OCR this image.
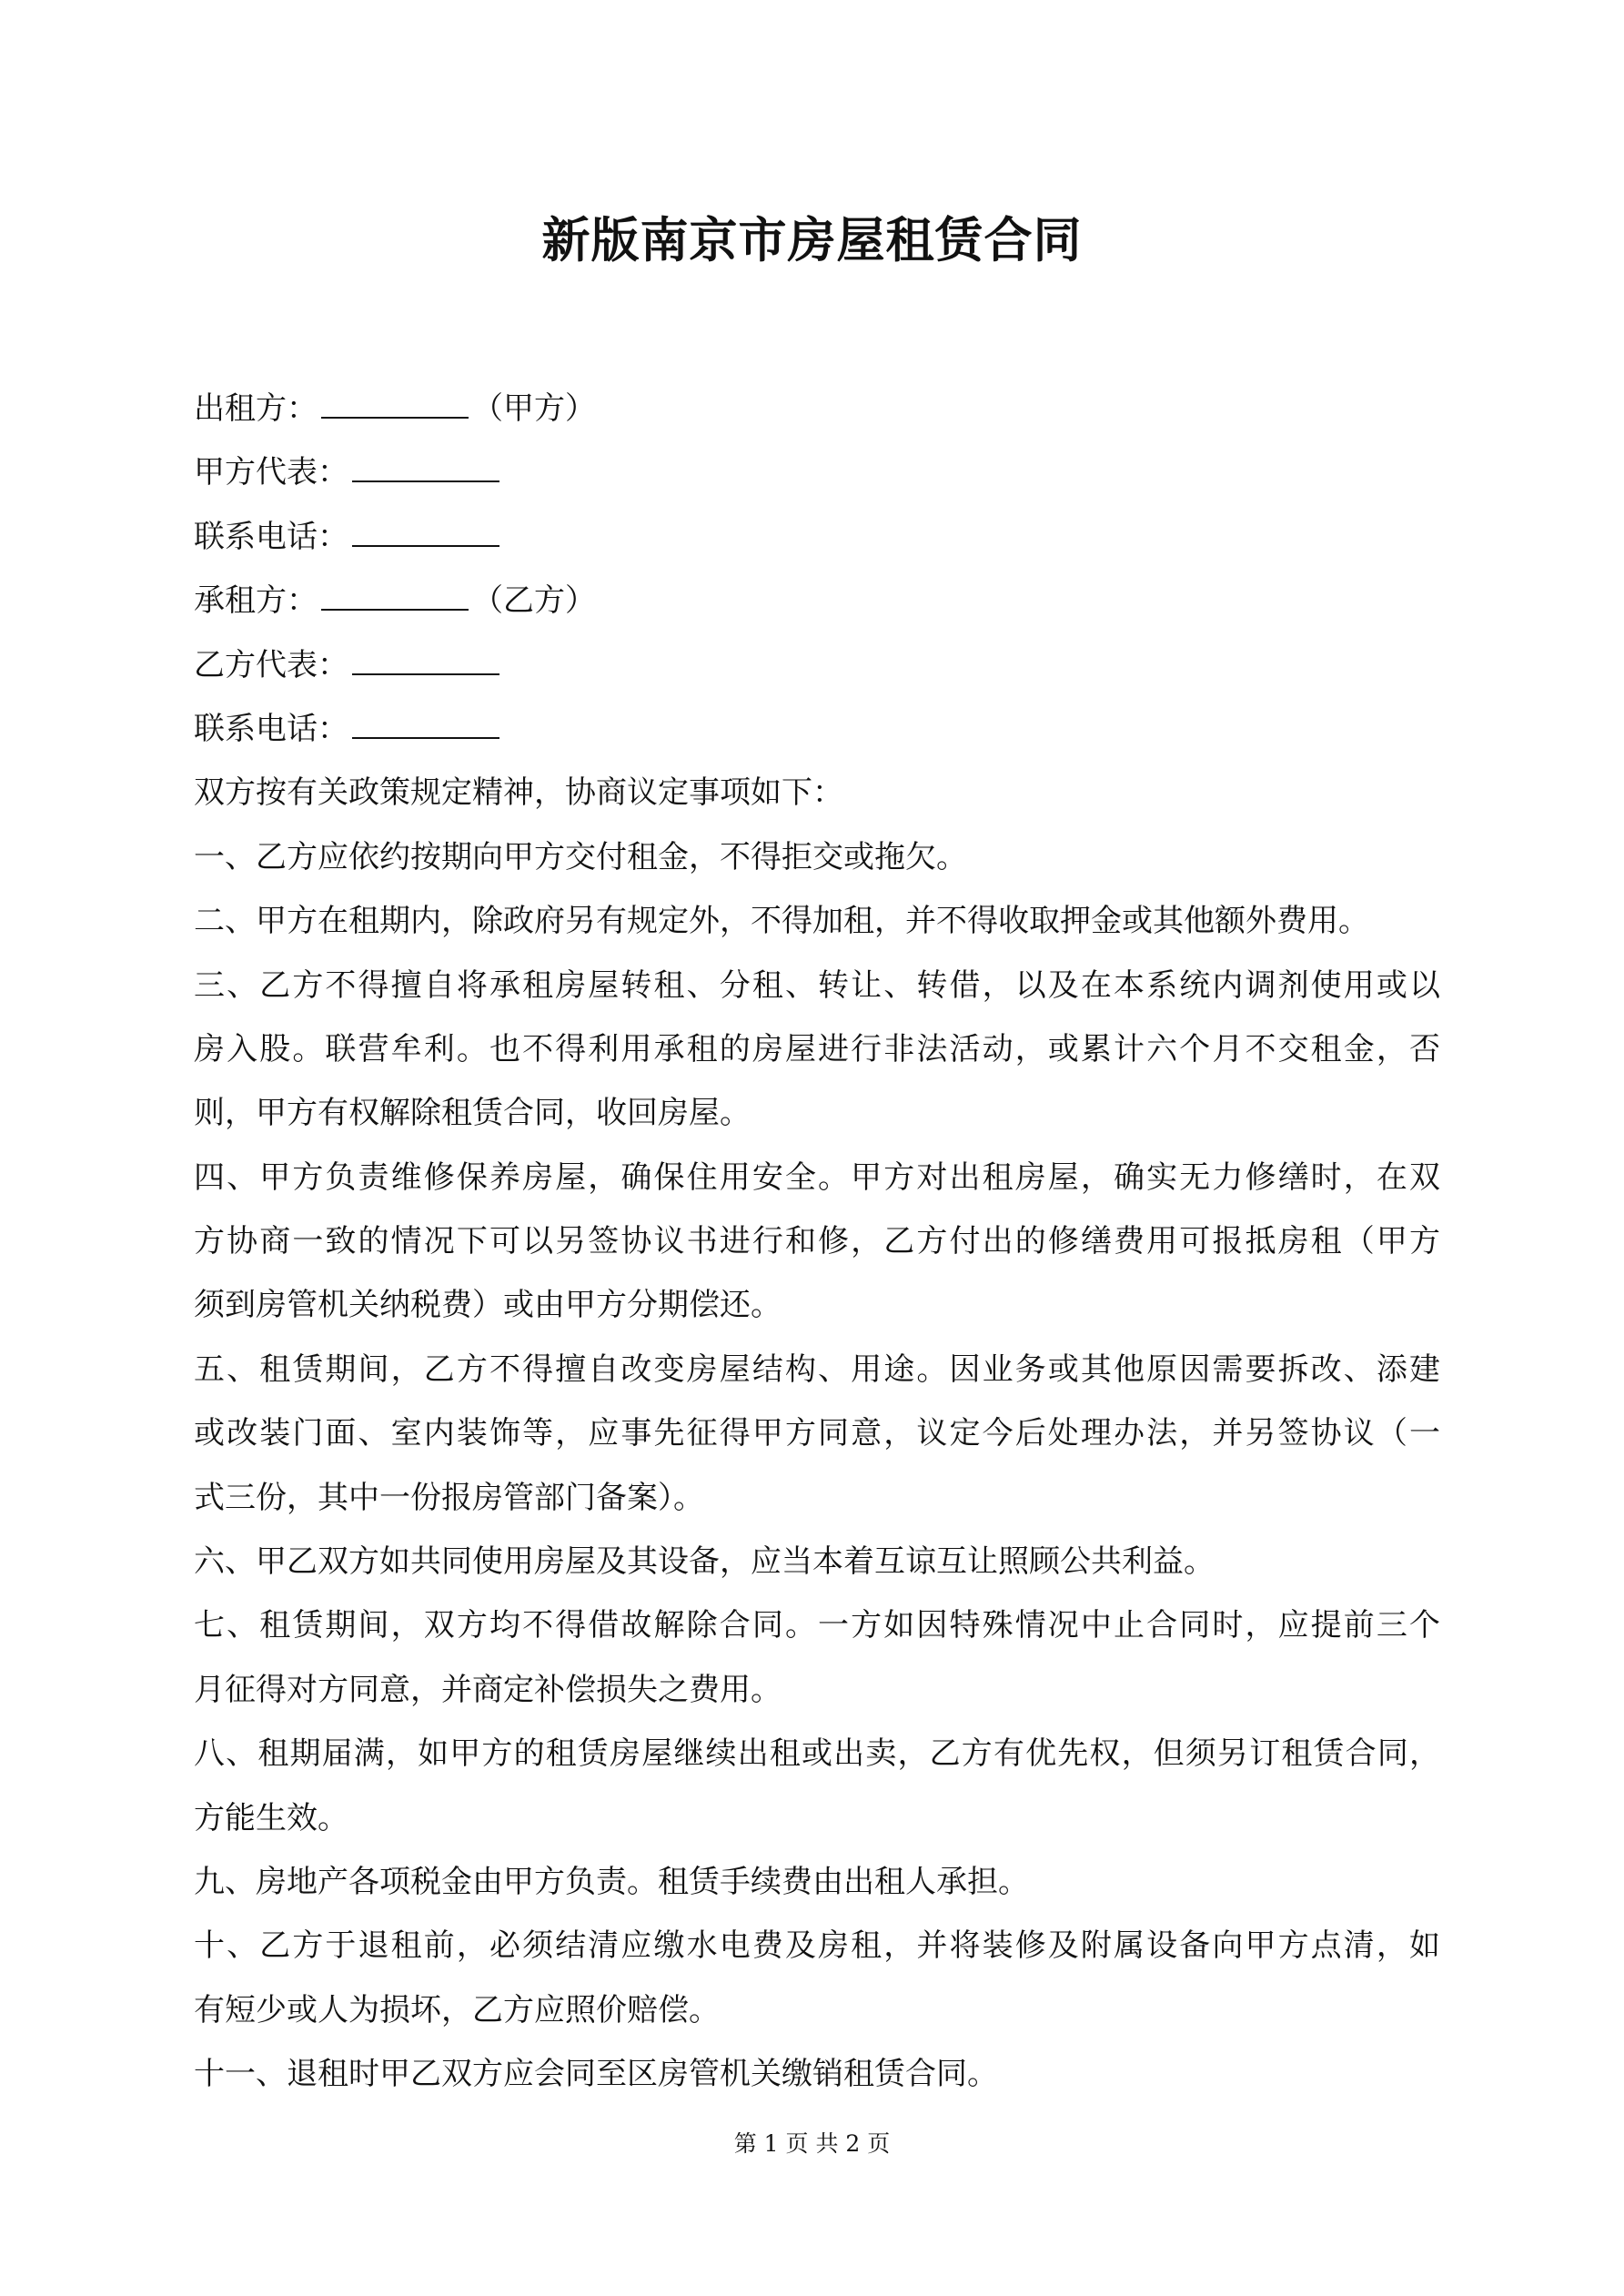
新版南京市房屋租赁合同
出租方：	（甲方）
甲方代表：
联系电话：
承租方：	（乙方）
乙方代表：
联系电话：
双方按有关政策规定精神，协商议定事项如下：
一、乙方应依约按期向甲方交付租金，不得拒交或拖欠。
二、甲方在租期内，除政府另有规定外，不得加租，并不得收取押金或其他额外费用。
三、乙方不得擅自将承租房屋转租、分租、转让、转借，以及在本系统内调剂使用或以
房入股。联营牟利。也不得利用承租的房屋进行非法活动，或累计六个月不交租金，否
则，甲方有权解除租赁合同，收回房屋。
四、甲方负责维修保养房屋，确保住用安全。甲方对出租房屋，确实无力修缮时，在双
方协商一致的情况下可以另签协议书进行和修，乙方付出的修缮费用可报抵房租（甲方
须到房管机关纳税费）或由甲方分期偿还。
五、租赁期间，乙方不得擅自改变房屋结构、用途。因业务或其他原因需要拆改、添建
或改装门面、室内装饰等，应事先征得甲方同意，议定今后处理办法，并另签协议（一
式三份，其中一份报房管部门备案）。
六、甲乙双方如共同使用房屋及其设备，应当本着互谅互让照顾公共利益。
七、租赁期间，双方均不得借故解除合同。一方如因特殊情况中止合同时，应提前三个
月征得对方同意，并商定补偿损失之费用。
八、租期届满，如甲方的租赁房屋继续出租或出卖，乙方有优先权，但须另订租赁合同，
方能生效。
九、房地产各项税金由甲方负责。租赁手续费由出租人承担。
十、乙方于退租前，必须结清应缴水电费及房租，并将装修及附属设备向甲方点清，如
有短少或人为损坏，乙方应照价赔偿。
十一、退租时甲乙双方应会同至区房管机关缴销租赁合同。
第 1 页 共 2 页
